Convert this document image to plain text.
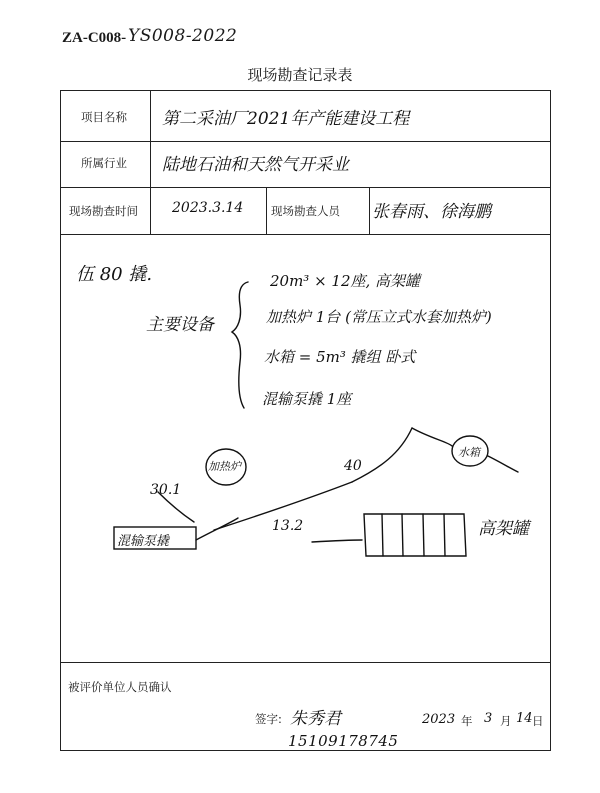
ZA-C008- YS008-2022
现场勘查记录表
项目名称
所属行业
现场勘查时间	现场勘查人员
第二采油厂2021年产能建设工程
陆地石油和天然气开采业
2023.3.14	张春雨、徐海鹏
伍 80 撬.
主要设备
20m³ × 12座, 高架罐
加热炉 1台 (常压立式水套加热炉)
水箱 = 5m³ 撬组 卧式
混输泵撬 1座
加热炉
水箱
混输泵撬
高架罐
30.1
40
13.2
被评价单位人员确认
签字: 朱秀君
15109178745
2023 年 3 月 14 日
